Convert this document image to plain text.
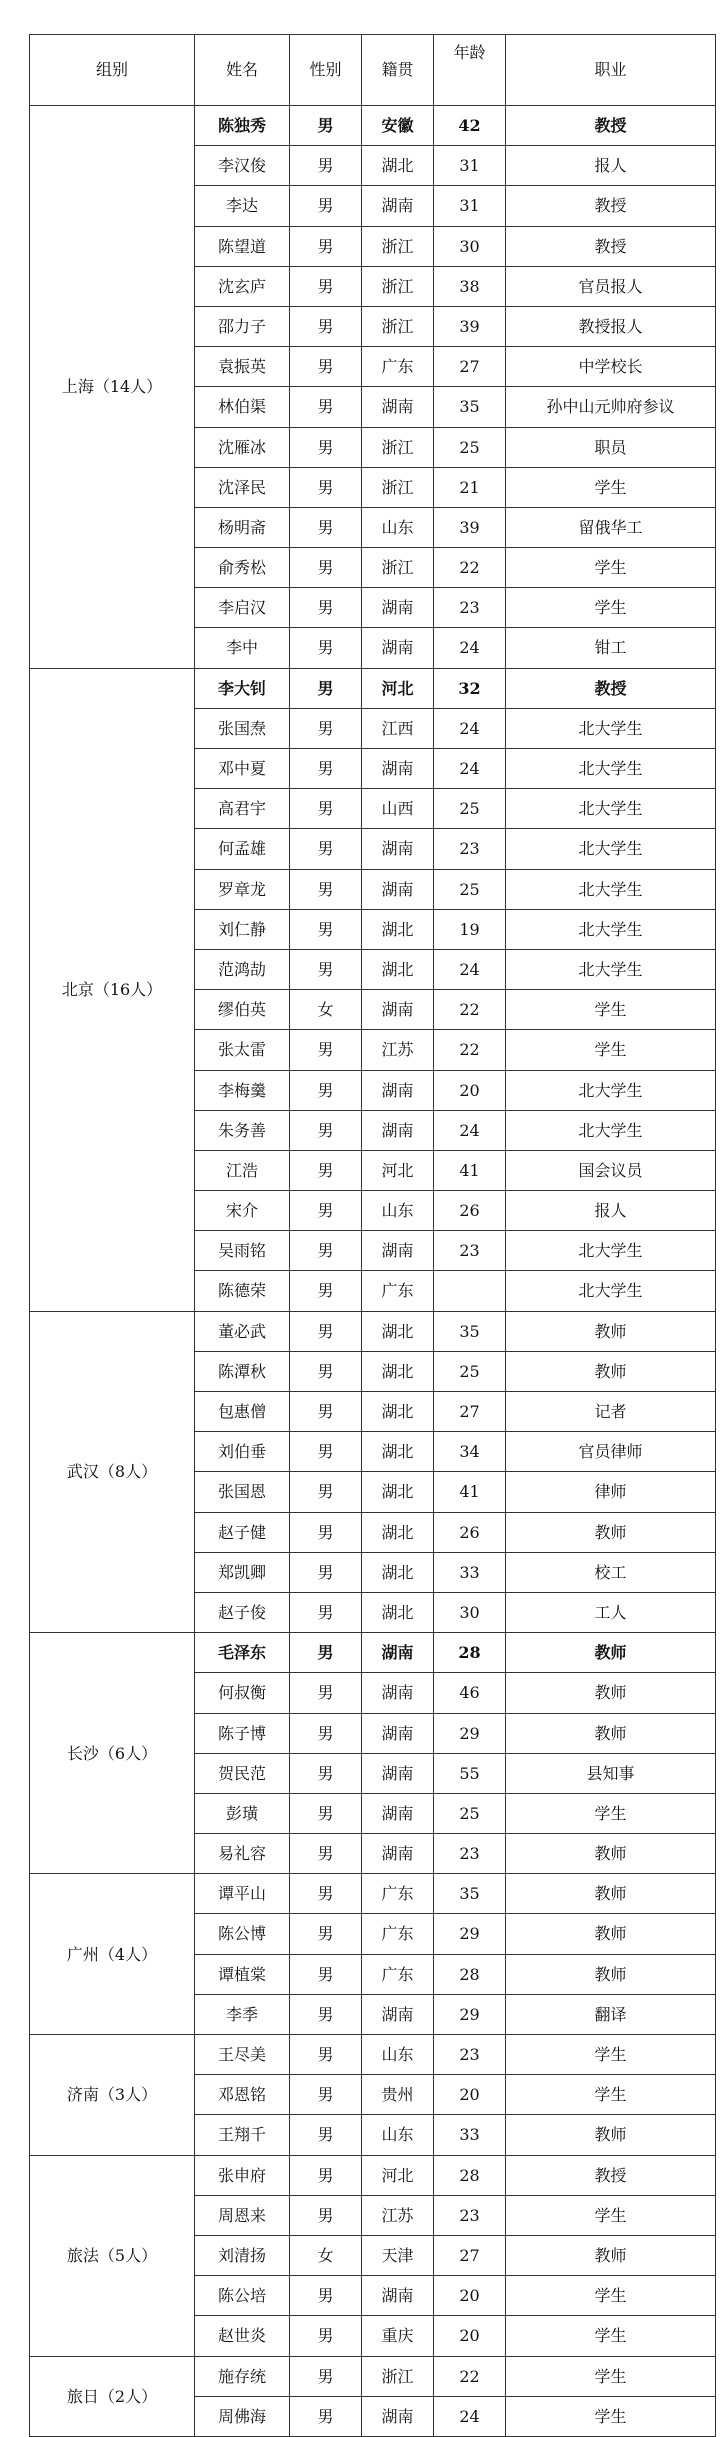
组别	姓名	性别	籍贯	年龄	职业
上海（14人）	陈独秀	男	安徽	42	教授
	李汉俊	男	湖北	31	报人
	李达	男	湖南	31	教授
	陈望道	男	浙江	30	教授
	沈玄庐	男	浙江	38	官员报人
	邵力子	男	浙江	39	教授报人
	袁振英	男	广东	27	中学校长
	林伯渠	男	湖南	35	孙中山元帅府参议
	沈雁冰	男	浙江	25	职员
	沈泽民	男	浙江	21	学生
	杨明斋	男	山东	39	留俄华工
	俞秀松	男	浙江	22	学生
	李启汉	男	湖南	23	学生
	李中	男	湖南	24	钳工
北京（16人）	李大钊	男	河北	32	教授
	张国焘	男	江西	24	北大学生
	邓中夏	男	湖南	24	北大学生
	高君宇	男	山西	25	北大学生
	何孟雄	男	湖南	23	北大学生
	罗章龙	男	湖南	25	北大学生
	刘仁静	男	湖北	19	北大学生
	范鸿劼	男	湖北	24	北大学生
	缪伯英	女	湖南	22	学生
	张太雷	男	江苏	22	学生
	李梅羹	男	湖南	20	北大学生
	朱务善	男	湖南	24	北大学生
	江浩	男	河北	41	国会议员
	宋介	男	山东	26	报人
	吴雨铭	男	湖南	23	北大学生
	陈德荣	男	广东		北大学生
武汉（8人）	董必武	男	湖北	35	教师
	陈潭秋	男	湖北	25	教师
	包惠僧	男	湖北	27	记者
	刘伯垂	男	湖北	34	官员律师
	张国恩	男	湖北	41	律师
	赵子健	男	湖北	26	教师
	郑凯卿	男	湖北	33	校工
	赵子俊	男	湖北	30	工人
长沙（6人）	毛泽东	男	湖南	28	教师
	何叔衡	男	湖南	46	教师
	陈子博	男	湖南	29	教师
	贺民范	男	湖南	55	县知事
	彭璜	男	湖南	25	学生
	易礼容	男	湖南	23	教师
广州（4人）	谭平山	男	广东	35	教师
	陈公博	男	广东	29	教师
	谭植棠	男	广东	28	教师
	李季	男	湖南	29	翻译
济南（3人）	王尽美	男	山东	23	学生
	邓恩铭	男	贵州	20	学生
	王翔千	男	山东	33	教师
旅法（5人）	张申府	男	河北	28	教授
	周恩来	男	江苏	23	学生
	刘清扬	女	天津	27	教师
	陈公培	男	湖南	20	学生
	赵世炎	男	重庆	20	学生
旅日（2人）	施存统	男	浙江	22	学生
	周佛海	男	湖南	24	学生
